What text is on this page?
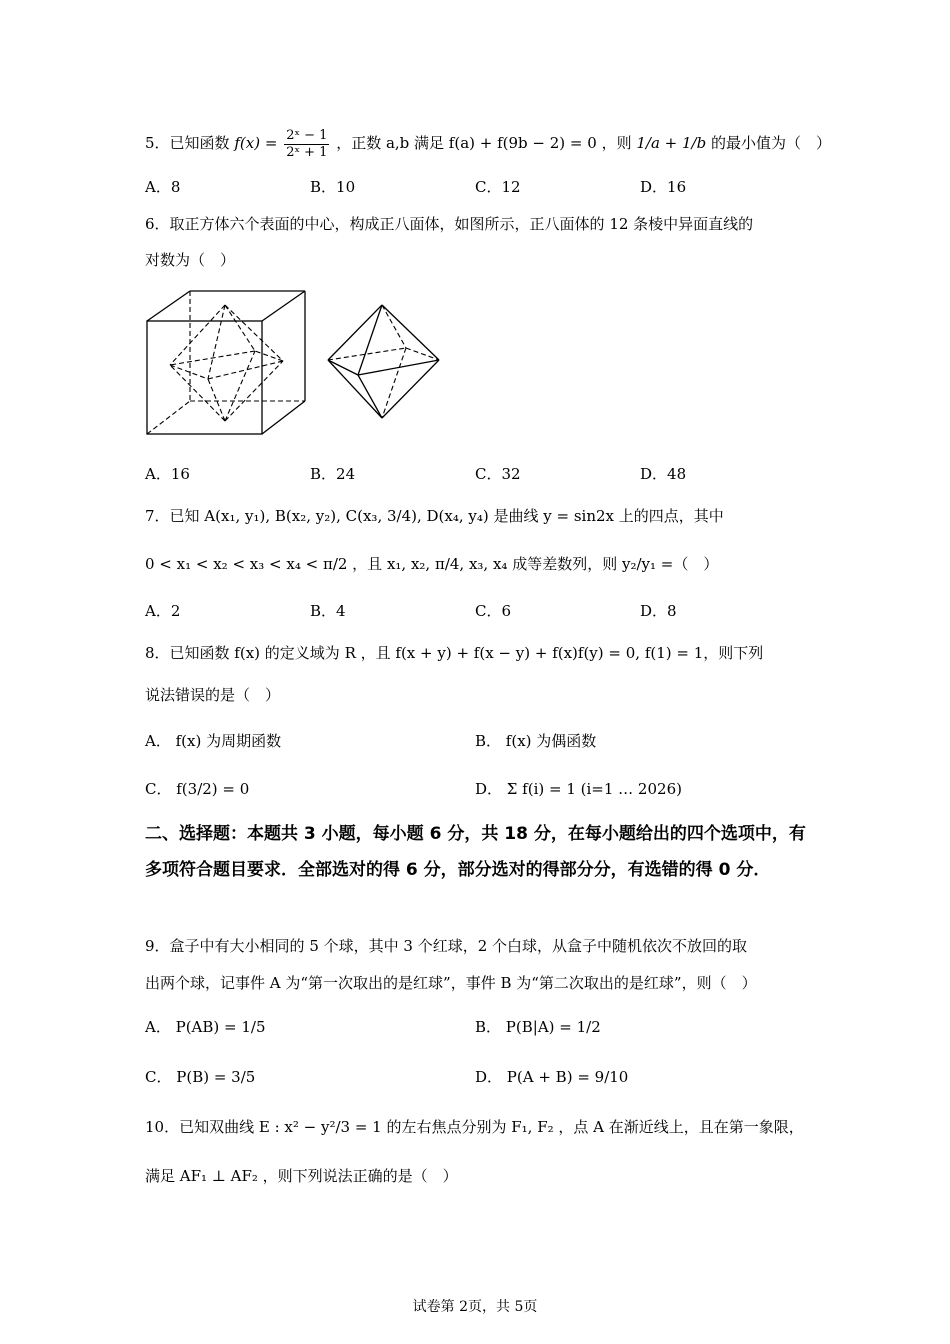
5．已知函数 $f(x) = \frac{\text{2ˣ − 1}}{\text{2ˣ + 1}}$ ，正数 a,b 满足 f(a) + f(9b − 2) = 0 ，则 1/a + 1/b 的最小值为（　）
A．8	B．10	C．12	D．16
6．取正方体六个表面的中心，构成正八面体，如图所示，正八面体的 12 条棱中异面直线的
对数为（　）
A．16	B．24	C．32	D．48
7．已知 A(x₁, y₁), B(x₂, y₂), C(x₃, 3/4), D(x₄, y₄) 是曲线 y = sin2x 上的四点，其中
0 < x₁ < x₂ < x₃ < x₄ < π/2 ，且 x₁, x₂, π/4, x₃, x₄ 成等差数列，则 y₂/y₁ =（　）
A．2	B．4	C．6	D．8
8．已知函数 f(x) 的定义域为 R ，且 f(x + y) + f(x − y) + f(x)f(y) = 0, f(1) = 1，则下列
说法错误的是（　）
A． f(x) 为周期函数	B． f(x) 为偶函数
C． f(3/2) = 0	D． Σ f(i) = 1 (i=1 … 2026)
二、选择题：本题共 3 小题，每小题 6 分，共 18 分，在每小题给出的四个选项中，有多项符合题目要求．全部选对的得 6 分，部分选对的得部分分，有选错的得 0 分．
9．盒子中有大小相同的 5 个球，其中 3 个红球，2 个白球，从盒子中随机依次不放回的取
出两个球，记事件 A 为“第一次取出的是红球”，事件 B 为“第二次取出的是红球”，则（　）
A． P(AB) = 1/5	B． P(B|A) = 1/2
C． P(B) = 3/5	D． P(A + B) = 9/10
10．已知双曲线 E : x² − y²/3 = 1 的左右焦点分别为 F₁, F₂ ，点 A 在渐近线上，且在第一象限，
满足 AF₁ ⊥ AF₂ ，则下列说法正确的是（　）
试卷第 2页，共 5页
